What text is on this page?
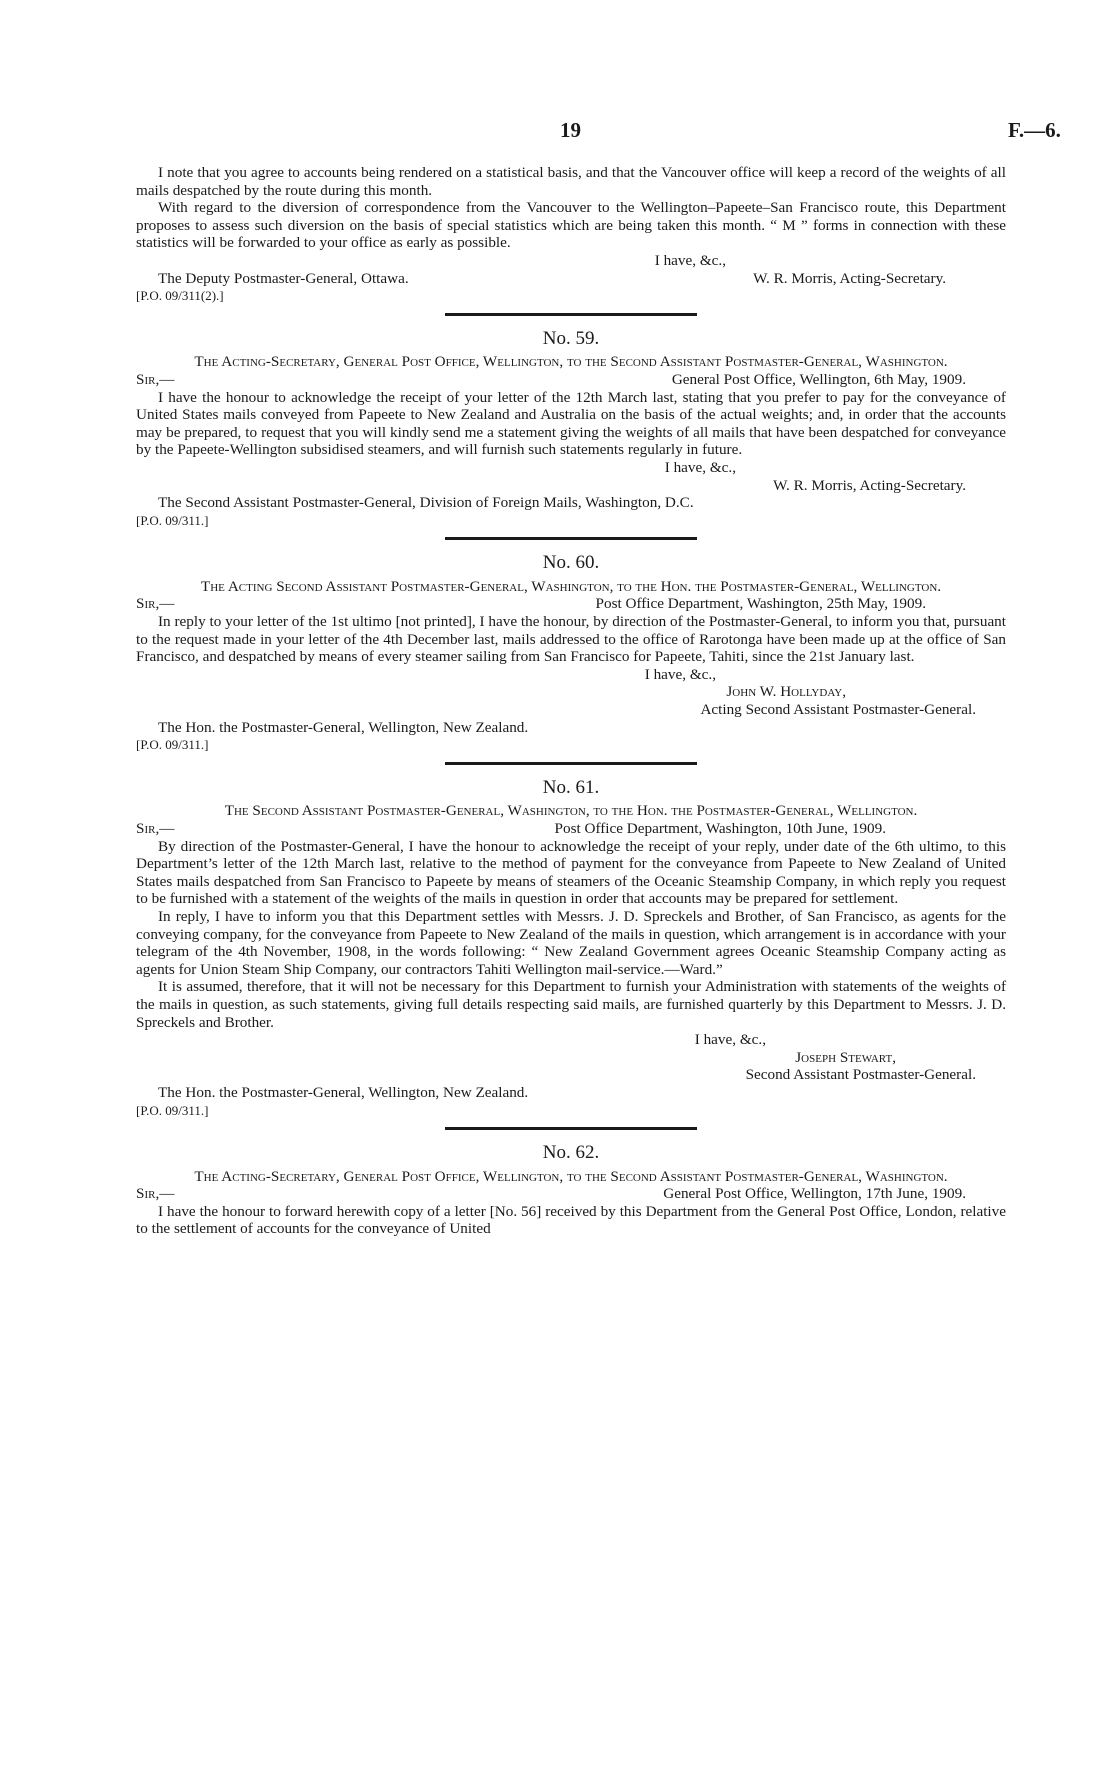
19	F.—6.

I note that you agree to accounts being rendered on a statistical basis, and that the Vancouver office will keep a record of the weights of all mails despatched by the route during this month.

With regard to the diversion of correspondence from the Vancouver to the Wellington–Papeete–San Francisco route, this Department proposes to assess such diversion on the basis of special statistics which are being taken this month. “ M ” forms in connection with these statistics will be forwarded to your office as early as possible.

I have, &c.,
The Deputy Postmaster-General, Ottawa.	W. R. Morris, Acting-Secretary.
[P.O. 09/311(2).]
No. 59.

The Acting-Secretary, General Post Office, Wellington, to the Second Assistant Postmaster-General, Washington.

Sir,—	General Post Office, Wellington, 6th May, 1909.

I have the honour to acknowledge the receipt of your letter of the 12th March last, stating that you prefer to pay for the conveyance of United States mails conveyed from Papeete to New Zealand and Australia on the basis of the actual weights; and, in order that the accounts may be prepared, to request that you will kindly send me a statement giving the weights of all mails that have been despatched for conveyance by the Papeete-Wellington subsidised steamers, and will furnish such statements regularly in future.

I have, &c.,
W. R. Morris, Acting-Secretary.

The Second Assistant Postmaster-General, Division of Foreign Mails, Washington, D.C.

[P.O. 09/311.]
No. 60.

The Acting Second Assistant Postmaster-General, Washington, to the Hon. the Postmaster-General, Wellington.

Sir,—	Post Office Department, Washington, 25th May, 1909.

In reply to your letter of the 1st ultimo [not printed], I have the honour, by direction of the Postmaster-General, to inform you that, pursuant to the request made in your letter of the 4th December last, mails addressed to the office of Rarotonga have been made up at the office of San Francisco, and despatched by means of every steamer sailing from San Francisco for Papeete, Tahiti, since the 21st January last.

I have, &c.,
John W. Hollyday,
Acting Second Assistant Postmaster-General.

The Hon. the Postmaster-General, Wellington, New Zealand.

[P.O. 09/311.]
No. 61.

The Second Assistant Postmaster-General, Washington, to the Hon. the Postmaster-General, Wellington.

Sir,—	Post Office Department, Washington, 10th June, 1909.

By direction of the Postmaster-General, I have the honour to acknowledge the receipt of your reply, under date of the 6th ultimo, to this Department’s letter of the 12th March last, relative to the method of payment for the conveyance from Papeete to New Zealand of United States mails despatched from San Francisco to Papeete by means of steamers of the Oceanic Steamship Company, in which reply you request to be furnished with a statement of the weights of the mails in question in order that accounts may be prepared for settlement.

In reply, I have to inform you that this Department settles with Messrs. J. D. Spreckels and Brother, of San Francisco, as agents for the conveying company, for the conveyance from Papeete to New Zealand of the mails in question, which arrangement is in accordance with your telegram of the 4th November, 1908, in the words following: “ New Zealand Government agrees Oceanic Steamship Company acting as agents for Union Steam Ship Company, our contractors Tahiti Wellington mail-service.—Ward.”

It is assumed, therefore, that it will not be necessary for this Department to furnish your Administration with statements of the weights of the mails in question, as such statements, giving full details respecting said mails, are furnished quarterly by this Department to Messrs. J. D. Spreckels and Brother.

I have, &c.,
Joseph Stewart,
Second Assistant Postmaster-General.

The Hon. the Postmaster-General, Wellington, New Zealand.

[P.O. 09/311.]
No. 62.

The Acting-Secretary, General Post Office, Wellington, to the Second Assistant Postmaster-General, Washington.

Sir,—	General Post Office, Wellington, 17th June, 1909.

I have the honour to forward herewith copy of a letter [No. 56] received by this Department from the General Post Office, London, relative to the settlement of accounts for the conveyance of United
